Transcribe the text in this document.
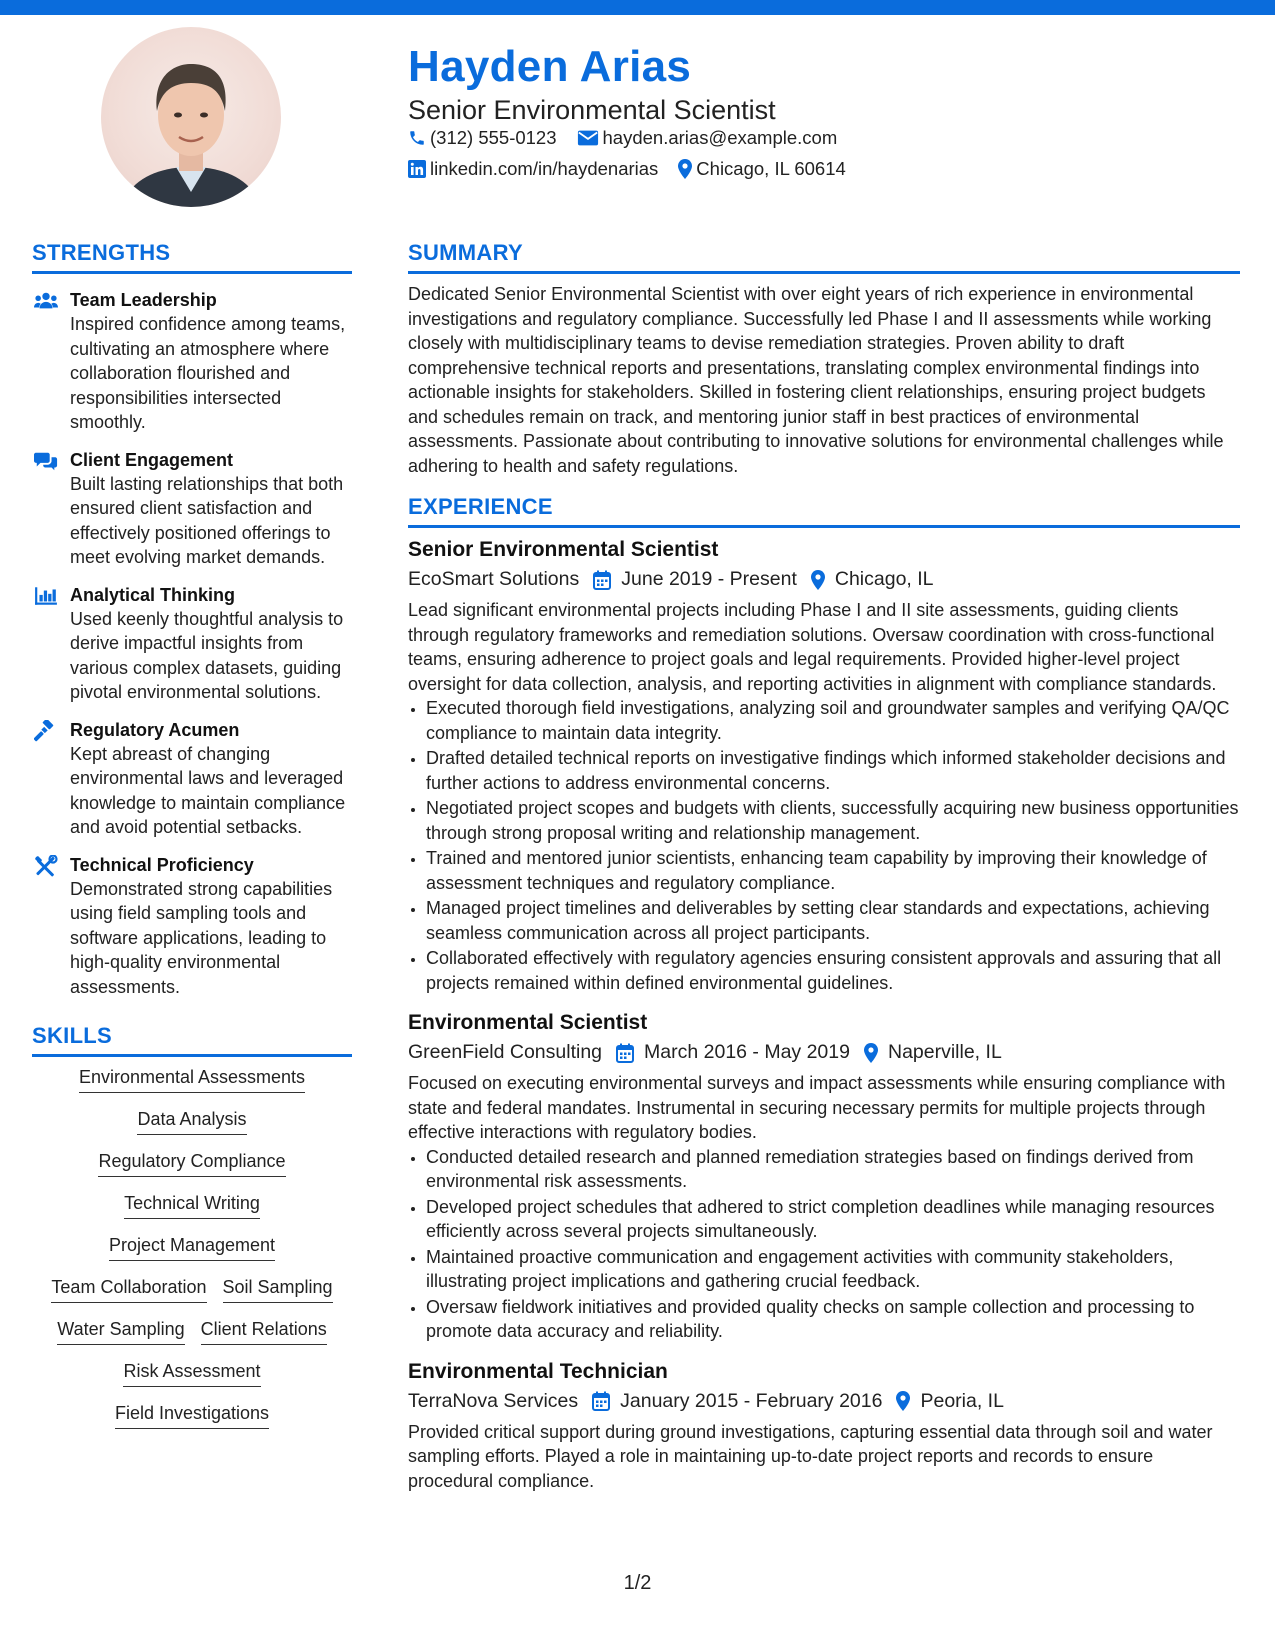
Hayden Arias
Senior Environmental Scientist
(312) 555-0123 hayden.arias@example.com
linkedin.com/in/haydenarias Chicago, IL 60614
STRENGTHS
Team Leadership
Inspired confidence among teams, cultivating an atmosphere where collaboration flourished and responsibilities intersected smoothly.
Client Engagement
Built lasting relationships that both ensured client satisfaction and effectively positioned offerings to meet evolving market demands.
Analytical Thinking
Used keenly thoughtful analysis to derive impactful insights from various complex datasets, guiding pivotal environmental solutions.
Regulatory Acumen
Kept abreast of changing environmental laws and leveraged knowledge to maintain compliance and avoid potential setbacks.
Technical Proficiency
Demonstrated strong capabilities using field sampling tools and software applications, leading to high-quality environmental assessments.
SKILLS
Environmental Assessments
Data Analysis
Regulatory Compliance
Technical Writing
Project Management
Team Collaboration Soil Sampling
Water Sampling Client Relations
Risk Assessment
Field Investigations
SUMMARY
Dedicated Senior Environmental Scientist with over eight years of rich experience in environmental investigations and regulatory compliance. Successfully led Phase I and II assessments while working closely with multidisciplinary teams to devise remediation strategies. Proven ability to draft comprehensive technical reports and presentations, translating complex environmental findings into actionable insights for stakeholders. Skilled in fostering client relationships, ensuring project budgets and schedules remain on track, and mentoring junior staff in best practices of environmental assessments. Passionate about contributing to innovative solutions for environmental challenges while adhering to health and safety regulations.
EXPERIENCE
Senior Environmental Scientist
EcoSmart Solutions June 2019 - Present Chicago, IL
Lead significant environmental projects including Phase I and II site assessments, guiding clients through regulatory frameworks and remediation solutions. Oversaw coordination with cross-functional teams, ensuring adherence to project goals and legal requirements. Provided higher-level project oversight for data collection, analysis, and reporting activities in alignment with compliance standards.
• Executed thorough field investigations, analyzing soil and groundwater samples and verifying QA/QC compliance to maintain data integrity.
• Drafted detailed technical reports on investigative findings which informed stakeholder decisions and further actions to address environmental concerns.
• Negotiated project scopes and budgets with clients, successfully acquiring new business opportunities through strong proposal writing and relationship management.
• Trained and mentored junior scientists, enhancing team capability by improving their knowledge of assessment techniques and regulatory compliance.
• Managed project timelines and deliverables by setting clear standards and expectations, achieving seamless communication across all project participants.
• Collaborated effectively with regulatory agencies ensuring consistent approvals and assuring that all projects remained within defined environmental guidelines.
Environmental Scientist
GreenField Consulting March 2016 - May 2019 Naperville, IL
Focused on executing environmental surveys and impact assessments while ensuring compliance with state and federal mandates. Instrumental in securing necessary permits for multiple projects through effective interactions with regulatory bodies.
• Conducted detailed research and planned remediation strategies based on findings derived from environmental risk assessments.
• Developed project schedules that adhered to strict completion deadlines while managing resources efficiently across several projects simultaneously.
• Maintained proactive communication and engagement activities with community stakeholders, illustrating project implications and gathering crucial feedback.
• Oversaw fieldwork initiatives and provided quality checks on sample collection and processing to promote data accuracy and reliability.
Environmental Technician
TerraNova Services January 2015 - February 2016 Peoria, IL
Provided critical support during ground investigations, capturing essential data through soil and water sampling efforts. Played a role in maintaining up-to-date project reports and records to ensure procedural compliance.
1/2
